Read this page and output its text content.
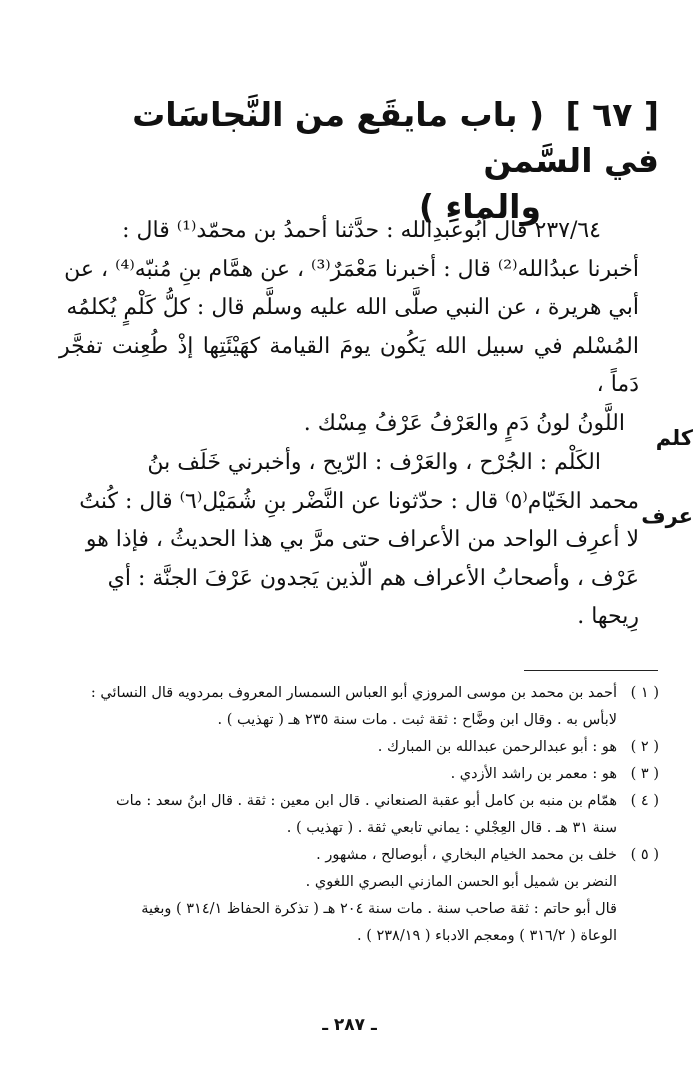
[ ٦٧ ] ( باب مايقَع من النَّجاسَات في السَّمن
والماءِ )

٢٣٧/٦٤ قال أبُوعبدِالله : حدَّثنا أحمدُ بن محمّد⁽¹⁾ قال :

أخبرنا عبدُالله⁽²⁾ قال : أخبرنا مَعْمَرٌ⁽³⁾ ، عن همَّام بنِ مُنبّه⁽⁴⁾ ، عن

أبي هريرة ، عن النبي صلَّى الله عليه وسلَّم قال : كلُّ كَلْمٍ يُكلمُه

المُسْلم في سبيل الله يَكُون يومَ القيامة كهَيْئَتِها إذْ طُعِنت تفجَّر دَماً ،

اللَّونُ لونُ دَمٍ والعَرْفُ عَرْفُ مِسْك .

الكَلْم : الجُرْح ، والعَرْف : الرّيح ، وأخبرني خَلَف بنُ

محمد الخَيّام⁽٥⁾ قال : حدّثونا عن النَّضْر بنِ شُمَيْل⁽٦⁾ قال : كُنتُ

لا أعرِف الواحد من الأعراف حتى مرَّ بي هذا الحديثُ ، فإذا هو

عَرْف ، وأصحابُ الأعراف هم الّذين يَجدون عَرْفَ الجنَّة : أي

رِيحها .

كلم
عرف
( ١ )
أحمد بن محمد بن موسى المروزي أبو العباس السمسار المعروف بمردويه قال النسائي :
لابأس به . وقال ابن وضَّاح : ثقة ثبت . مات سنة ٢٣٥ هـ ( تهذيب ) .
( ٢ )
هو : أبو عبدالرحمن عبدالله بن المبارك .
( ٣ )
هو : معمر بن راشد الأزدي .
( ٤ )
همّام بن منبه بن كامل أبو عقبة الصنعاني . قال ابن معين : ثقة . قال ابنُ سعد : مات
سنة ٣١ هـ . قال العِجْلي : يماني تابعي ثقة . ( تهذيب ) .
( ٥ )
خلف بن محمد الخيام البخاري ، أبوصالح ، مشهور .
النضر بن شميل أبو الحسن المازني البصري اللغوي .
قال أبو حاتم : ثقة صاحب سنة . مات سنة ٢٠٤ هـ ( تذكرة الحفاظ ٣١٤/١ ) وبغية
الوعاة ( ٣١٦/٢ ) ومعجم الادباء ( ٢٣٨/١٩ ) .
ـ ٢٨٧ ـ
